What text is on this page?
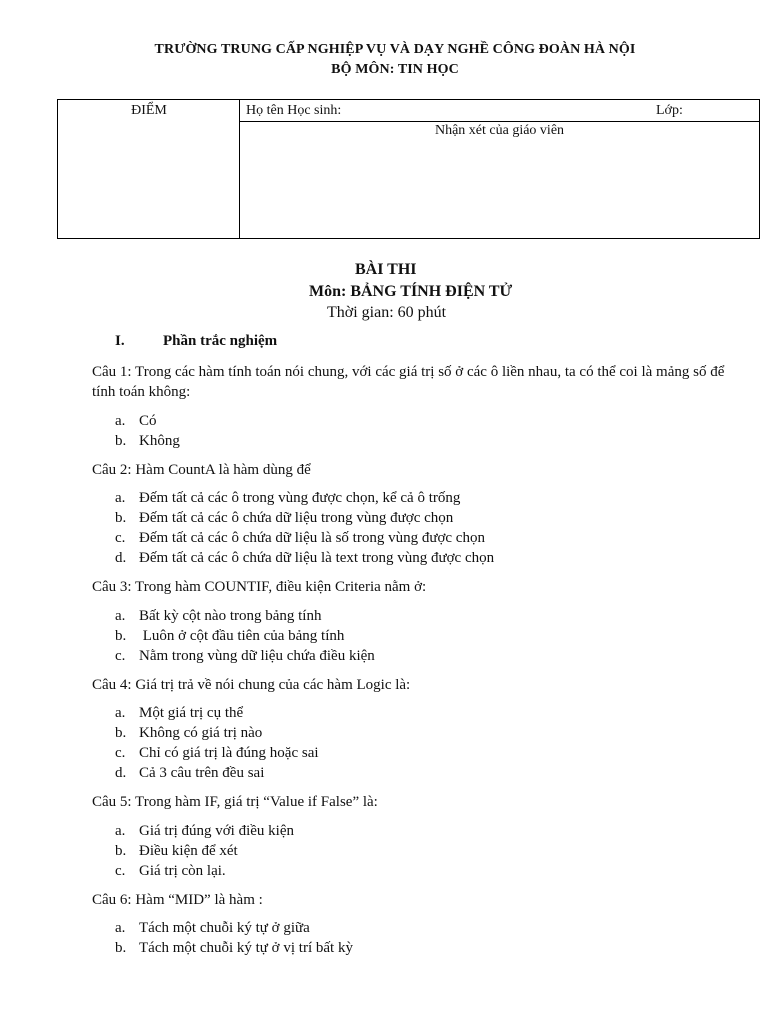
TRƯỜNG TRUNG CẤP NGHIỆP VỤ VÀ DẠY NGHỀ CÔNG ĐOÀN HÀ NỘI
BỘ MÔN: TIN HỌC
ĐIỂM	Họ tên Học sinh:	Lớp:
Nhận xét của giáo viên
BÀI THI
Môn: BẢNG TÍNH ĐIỆN TỬ
Thời gian: 60 phút
I.	Phần trắc nghiệm
Câu 1: Trong các hàm tính toán nói chung, với các giá trị số ở các ô liền nhau, ta có thể coi là mảng số để tính toán không:
a. Có
b. Không
Câu 2: Hàm CountA là hàm dùng để
a. Đếm tất cả các ô trong vùng được chọn, kể cả ô trống
b. Đếm tất cả các ô chứa dữ liệu trong vùng được chọn
c. Đếm tất cả các ô chứa dữ liệu là số trong vùng được chọn
d. Đếm tất cả các ô chứa dữ liệu là text trong vùng được chọn
Câu 3: Trong hàm COUNTIF, điều kiện Criteria nằm ở:
a. Bất kỳ cột nào trong bảng tính
b. Luôn ở cột đầu tiên của bảng tính
c. Nằm trong vùng dữ liệu chứa điều kiện
Câu 4: Giá trị trả về nói chung của các hàm Logic là:
a. Một giá trị cụ thể
b. Không có giá trị nào
c. Chỉ có giá trị là đúng hoặc sai
d. Cả 3 câu trên đều sai
Câu 5: Trong hàm IF, giá trị “Value if False” là:
a. Giá trị đúng với điều kiện
b. Điều kiện để xét
c. Giá trị còn lại.
Câu 6: Hàm “MID” là hàm :
a. Tách một chuỗi ký tự ở giữa
b. Tách một chuỗi ký tự ở vị trí bất kỳ
